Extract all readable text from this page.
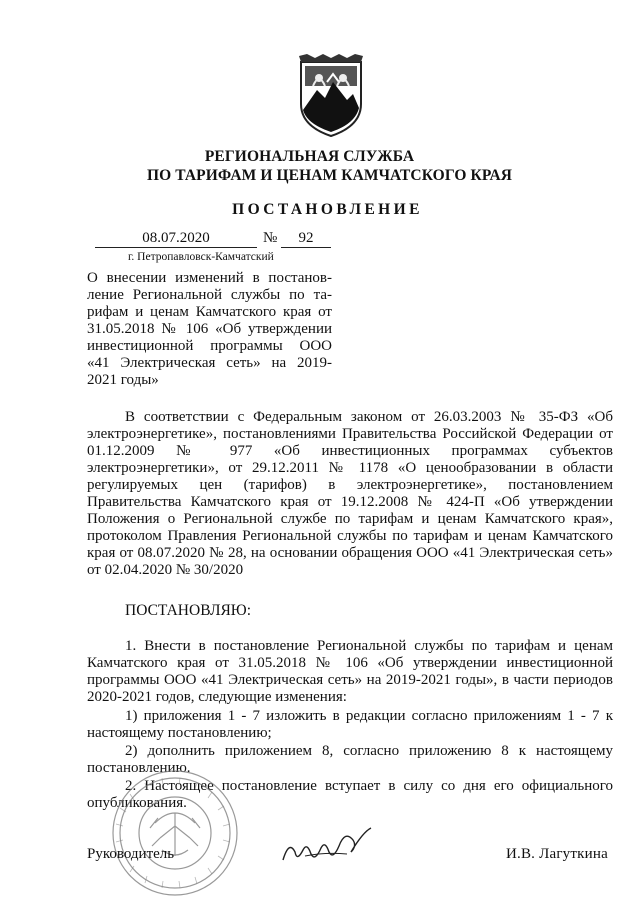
РЕГИОНАЛЬНАЯ СЛУЖБА
ПО ТАРИФАМ И ЦЕНАМ КАМЧАТСКОГО КРАЯ
ПОСТАНОВЛЕНИЕ
08.07.2020	№	92
г. Петропавловск-Камчатский
О внесении изменений в постанов-
ление Региональной службы по та-
рифам и ценам Камчатского края от
31.05.2018 № 106 «Об утверждении
инвестиционной программы ООО
«41 Электрическая сеть» на 2019-
2021 годы»
В соответствии с Федеральным законом от 26.03.2003 № 35-ФЗ «Об
электроэнергетике», постановлениями Правительства Российской Федерации от
01.12.2009 № 977 «Об инвестиционных программах субъектов
электроэнергетики», от 29.12.2011 № 1178 «О ценообразовании в области
регулируемых цен (тарифов) в электроэнергетике», постановлением
Правительства Камчатского края от 19.12.2008 № 424-П «Об утверждении
Положения о Региональной службе по тарифам и ценам Камчатского края»,
протоколом Правления Региональной службы по тарифам и ценам Камчатского
края от 08.07.2020 № 28, на основании обращения ООО «41 Электрическая сеть»
от 02.04.2020 № 30/2020
ПОСТАНОВЛЯЮ:
1. Внести в постановление Региональной службы по тарифам и ценам
Камчатского края от 31.05.2018 № 106 «Об утверждении инвестиционной
программы ООО «41 Электрическая сеть» на 2019-2021 годы», в части периодов
2020-2021 годов, следующие изменения:
1) приложения 1 - 7 изложить в редакции согласно приложениям 1 - 7 к
настоящему постановлению;
2) дополнить приложением 8, согласно приложению 8 к настоящему
постановлению.
2. Настоящее постановление вступает в силу со дня его официального
опубликования.
Руководитель	И.В. Лагуткина
